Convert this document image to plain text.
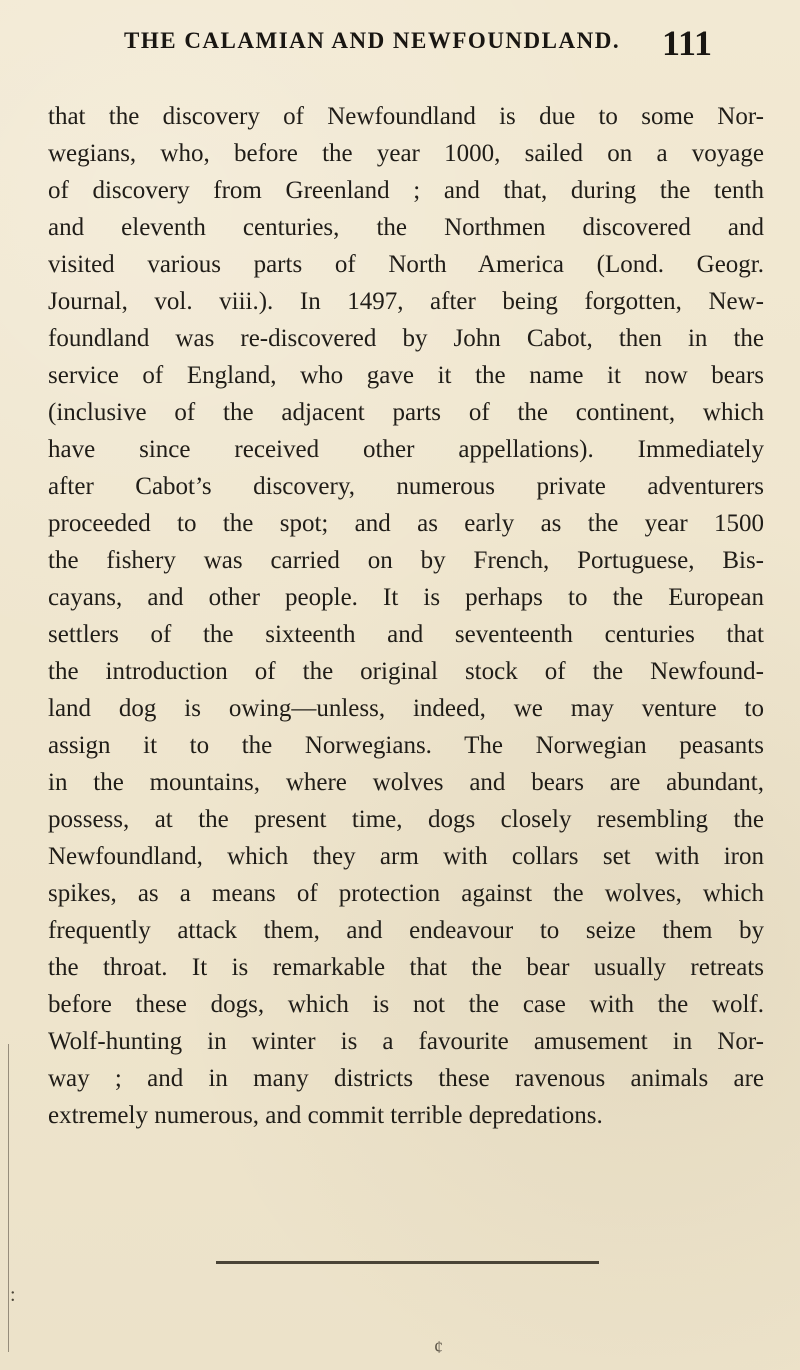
THE CALAMIAN AND NEWFOUNDLAND. 111
that the discovery of Newfoundland is due to some Nor-
wegians, who, before the year 1000, sailed on a voyage
of discovery from Greenland ; and that, during the tenth
and eleventh centuries, the Northmen discovered and
visited various parts of North America (Lond. Geogr.
Journal, vol. viii.). In 1497, after being forgotten, New-
foundland was re-discovered by John Cabot, then in the
service of England, who gave it the name it now bears
(inclusive of the adjacent parts of the continent, which
have since received other appellations). Immediately
after Cabot’s discovery, numerous private adventurers
proceeded to the spot; and as early as the year 1500
the fishery was carried on by French, Portuguese, Bis-
cayans, and other people. It is perhaps to the European
settlers of the sixteenth and seventeenth centuries that
the introduction of the original stock of the Newfound-
land dog is owing—unless, indeed, we may venture to
assign it to the Norwegians. The Norwegian peasants
in the mountains, where wolves and bears are abundant,
possess, at the present time, dogs closely resembling the
Newfoundland, which they arm with collars set with iron
spikes, as a means of protection against the wolves, which
frequently attack them, and endeavour to seize them by
the throat. It is remarkable that the bear usually retreats
before these dogs, which is not the case with the wolf.
Wolf-hunting in winter is a favourite amusement in Nor-
way ; and in many districts these ravenous animals are
extremely numerous, and commit terrible depredations.
:
¢
